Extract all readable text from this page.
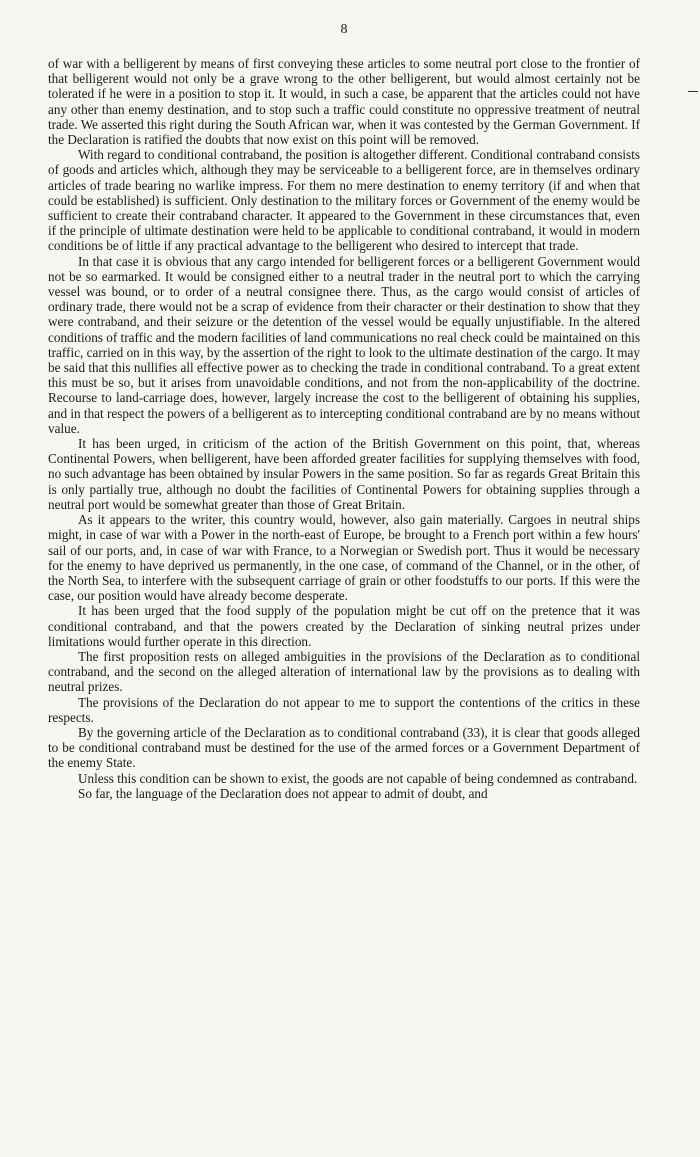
8

of war with a belligerent by means of first conveying these articles to some neutral port close to the frontier of that belligerent would not only be a grave wrong to the other belligerent, but would almost certainly not be tolerated if he were in a position to stop it. It would, in such a case, be apparent that the articles could not have any other than enemy destination, and to stop such a traffic could constitute no oppressive treatment of neutral trade. We asserted this right during the South African war, when it was contested by the German Government. If the Declaration is ratified the doubts that now exist on this point will be removed.

With regard to conditional contraband, the position is altogether different. Conditional contraband consists of goods and articles which, although they may be serviceable to a belligerent force, are in themselves ordinary articles of trade bearing no warlike impress. For them no mere destination to enemy territory (if and when that could be established) is sufficient. Only destination to the military forces or Government of the enemy would be sufficient to create their contraband character. It appeared to the Government in these circumstances that, even if the principle of ultimate destination were held to be applicable to conditional contraband, it would in modern conditions be of little if any practical advantage to the belligerent who desired to intercept that trade.

In that case it is obvious that any cargo intended for belligerent forces or a belligerent Government would not be so earmarked. It would be consigned either to a neutral trader in the neutral port to which the carrying vessel was bound, or to order of a neutral consignee there. Thus, as the cargo would consist of articles of ordinary trade, there would not be a scrap of evidence from their character or their destination to show that they were contraband, and their seizure or the detention of the vessel would be equally unjustifiable. In the altered conditions of traffic and the modern facilities of land communications no real check could be maintained on this traffic, carried on in this way, by the assertion of the right to look to the ultimate destination of the cargo. It may be said that this nullifies all effective power as to checking the trade in conditional contraband. To a great extent this must be so, but it arises from unavoidable conditions, and not from the non-applicability of the doctrine. Recourse to land-carriage does, however, largely increase the cost to the belligerent of obtaining his supplies, and in that respect the powers of a belligerent as to intercepting conditional contraband are by no means without value.

It has been urged, in criticism of the action of the British Government on this point, that, whereas Continental Powers, when belligerent, have been afforded greater facilities for supplying themselves with food, no such advantage has been obtained by insular Powers in the same position. So far as regards Great Britain this is only partially true, although no doubt the facilities of Continental Powers for obtaining supplies through a neutral port would be somewhat greater than those of Great Britain.

As it appears to the writer, this country would, however, also gain materially. Cargoes in neutral ships might, in case of war with a Power in the north-east of Europe, be brought to a French port within a few hours' sail of our ports, and, in case of war with France, to a Norwegian or Swedish port. Thus it would be necessary for the enemy to have deprived us permanently, in the one case, of command of the Channel, or in the other, of the North Sea, to interfere with the subsequent carriage of grain or other foodstuffs to our ports. If this were the case, our position would have already become desperate.

It has been urged that the food supply of the population might be cut off on the pretence that it was conditional contraband, and that the powers created by the Declaration of sinking neutral prizes under limitations would further operate in this direction.

The first proposition rests on alleged ambiguities in the provisions of the Declaration as to conditional contraband, and the second on the alleged alteration of international law by the provisions as to dealing with neutral prizes.

The provisions of the Declaration do not appear to me to support the contentions of the critics in these respects.

By the governing article of the Declaration as to conditional contraband (33), it is clear that goods alleged to be conditional contraband must be destined for the use of the armed forces or a Government Department of the enemy State.

Unless this condition can be shown to exist, the goods are not capable of being condemned as contraband.

So far, the language of the Declaration does not appear to admit of doubt, and
